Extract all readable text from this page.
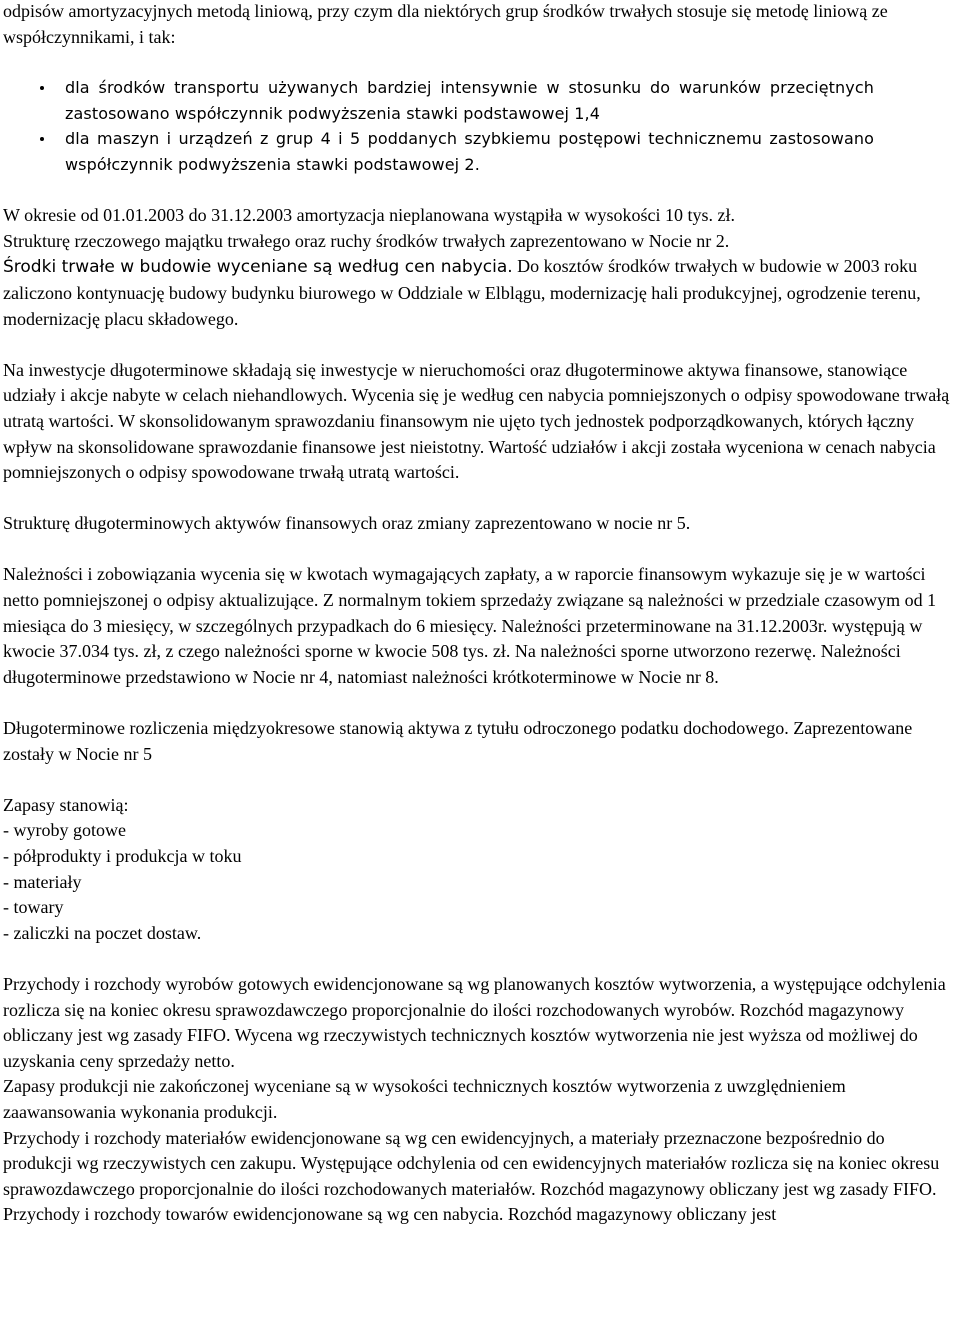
odpisów amortyzacyjnych metodą liniową, przy czym dla niektórych grup środków trwałych stosuje się metodę liniową ze współczynnikami, i tak:

dla środków transportu używanych bardziej intensywnie w stosunku do warunków przeciętnych zastosowano współczynnik podwyższenia stawki podstawowej 1,4
dla maszyn i urządzeń z grup 4 i 5 poddanych szybkiemu postępowi technicznemu zastosowano współczynnik podwyższenia stawki podstawowej 2.

W okresie od 01.01.2003 do 31.12.2003 amortyzacja nieplanowana wystąpiła w wysokości 10 tys. zł.

Strukturę rzeczowego majątku trwałego oraz ruchy środków trwałych zaprezentowano w Nocie nr 2.

Środki trwałe w budowie wyceniane są według cen nabycia. Do kosztów środków trwałych w budowie w 2003 roku zaliczono kontynuację budowy budynku biurowego w Oddziale w Elblągu, modernizację hali produkcyjnej, ogrodzenie terenu, modernizację placu składowego.

Na inwestycje długoterminowe składają się inwestycje w nieruchomości oraz długoterminowe aktywa finansowe, stanowiące udziały i akcje nabyte w celach niehandlowych. Wycenia się je według cen nabycia pomniejszonych o odpisy spowodowane trwałą utratą wartości. W skonsolidowanym sprawozdaniu finansowym nie ujęto tych jednostek podporządkowanych, których łączny wpływ na skonsolidowane sprawozdanie finansowe jest nieistotny. Wartość udziałów i akcji została wyceniona w cenach nabycia pomniejszonych o odpisy spowodowane trwałą utratą wartości.

Strukturę długoterminowych aktywów finansowych oraz zmiany zaprezentowano w nocie nr 5.

Należności i zobowiązania wycenia się w kwotach wymagających zapłaty, a w raporcie finansowym wykazuje się je w wartości netto pomniejszonej o odpisy aktualizujące. Z normalnym tokiem sprzedaży związane są należności w przedziale czasowym od 1 miesiąca do 3 miesięcy, w szczególnych przypadkach do 6 miesięcy. Należności przeterminowane na 31.12.2003r. występują w kwocie 37.034 tys. zł, z czego należności sporne w kwocie 508 tys. zł. Na należności sporne utworzono rezerwę. Należności długoterminowe przedstawiono w Nocie nr 4, natomiast należności krótkoterminowe w Nocie nr 8.

Długoterminowe rozliczenia międzyokresowe stanowią aktywa z tytułu odroczonego podatku dochodowego. Zaprezentowane zostały w Nocie nr 5

Zapasy stanowią:

- wyroby gotowe
- półprodukty i produkcja w toku
- materiały
- towary
- zaliczki na poczet dostaw.

Przychody i rozchody wyrobów gotowych ewidencjonowane są wg planowanych kosztów wytworzenia, a występujące odchylenia rozlicza się na koniec okresu sprawozdawczego proporcjonalnie do ilości rozchodowanych wyrobów. Rozchód magazynowy obliczany jest wg zasady FIFO. Wycena wg rzeczywistych technicznych kosztów wytworzenia nie jest wyższa od możliwej do uzyskania ceny sprzedaży netto.

Zapasy produkcji nie zakończonej wyceniane są w wysokości technicznych kosztów wytworzenia z uwzględnieniem zaawansowania wykonania produkcji.

Przychody i rozchody materiałów ewidencjonowane są wg cen ewidencyjnych, a materiały przeznaczone bezpośrednio do produkcji wg rzeczywistych cen zakupu. Występujące odchylenia od cen ewidencyjnych materiałów rozlicza się na koniec okresu sprawozdawczego proporcjonalnie do ilości rozchodowanych materiałów. Rozchód magazynowy obliczany jest wg zasady FIFO.

Przychody i rozchody towarów ewidencjonowane są wg cen nabycia. Rozchód magazynowy obliczany jest
